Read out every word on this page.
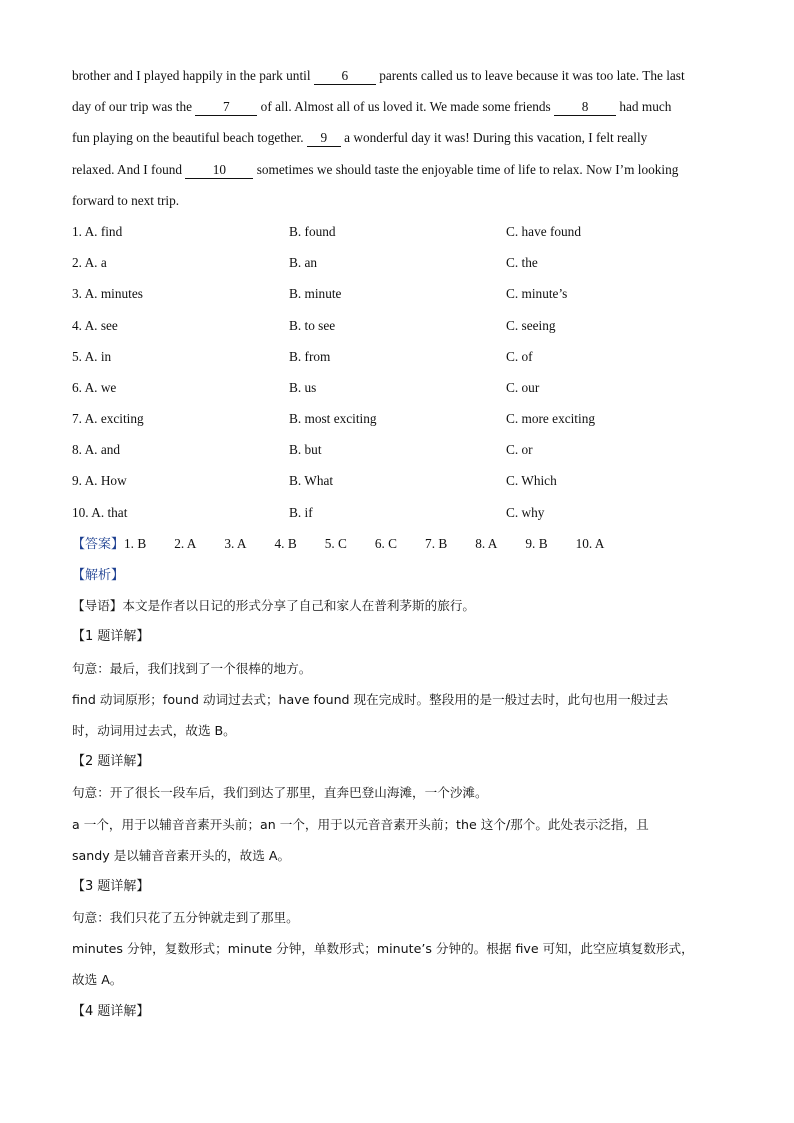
brother and I played happily in the park until 6 parents called us to leave because it was too late. The last
day of our trip was the 7 of all. Almost all of us loved it. We made some friends 8 had much
fun playing on the beautiful beach together. 9 a wonderful day it was! During this vacation, I felt really
relaxed. And I found 10 sometimes we should taste the enjoyable time of life to relax. Now I’m looking
forward to next trip.
1. A. find	B. found	C. have found
2. A. a	B. an	C. the
3. A. minutes	B. minute	C. minute’s
4. A. see	B. to see	C. seeing
5. A. in	B. from	C. of
6. A. we	B. us	C. our
7. A. exciting	B. most exciting	C. more exciting
8. A. and	B. but	C. or
9. A. How	B. What	C. Which
10. A. that	B. if	C. why
【答案】1. B 2. A 3. A 4. B 5. C 6. C 7. B 8. A 9. B 10. A
【解析】
【导语】本文是作者以日记的形式分享了自己和家人在普利茅斯的旅行。
【1 题详解】
句意：最后，我们找到了一个很棒的地方。
find 动词原形；found 动词过去式；have found 现在完成时。整段用的是一般过去时，此句也用一般过去
时，动词用过去式，故选 B。
【2 题详解】
句意：开了很长一段车后，我们到达了那里，直奔巴登山海滩，一个沙滩。
a 一个，用于以辅音音素开头前；an 一个，用于以元音音素开头前；the 这个/那个。此处表示泛指，且
sandy 是以辅音音素开头的，故选 A。
【3 题详解】
句意：我们只花了五分钟就走到了那里。
minutes 分钟，复数形式；minute 分钟，单数形式；minute’s 分钟的。根据 five 可知，此空应填复数形式，
故选 A。
【4 题详解】
